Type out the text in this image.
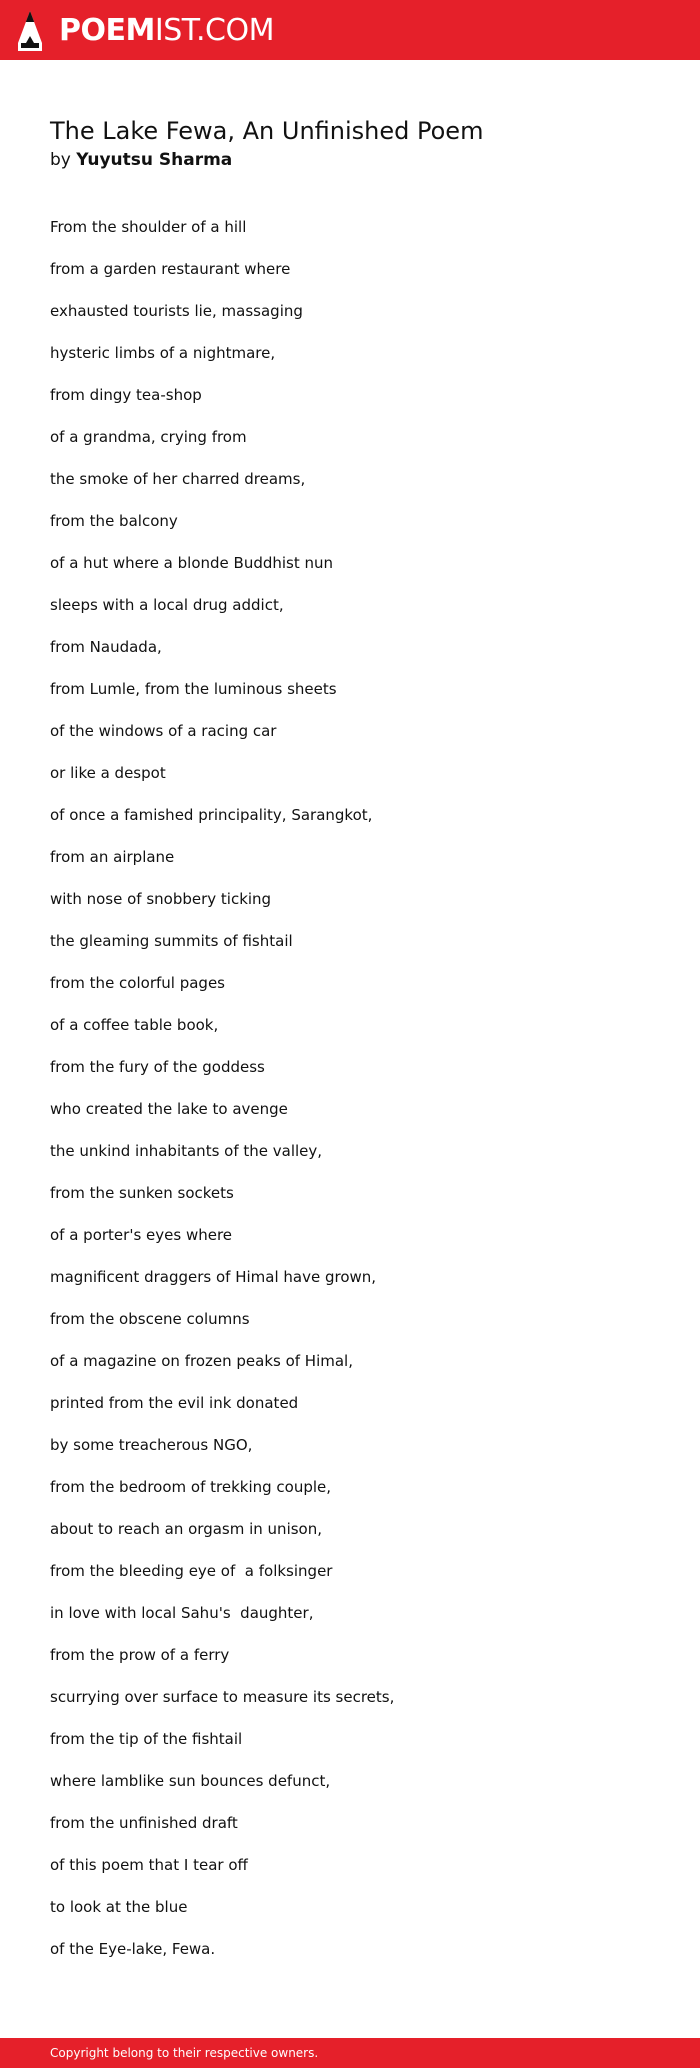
POEMIST.COM
The Lake Fewa, An Unfinished Poem

by Yuyutsu Sharma

From the shoulder of a hill
from a garden restaurant where
exhausted tourists lie, massaging
hysteric limbs of a nightmare,
from dingy tea-shop
of a grandma, crying from
the smoke of her charred dreams,
from the balcony
of a hut where a blonde Buddhist nun
sleeps with a local drug addict,
from Naudada,
from Lumle, from the luminous sheets
of the windows of a racing car
or like a despot
of once a famished principality, Sarangkot,
from an airplane
with nose of snobbery ticking
the gleaming summits of fishtail
from the colorful pages
of a coffee table book,
from the fury of the goddess
who created the lake to avenge
the unkind inhabitants of the valley,
from the sunken sockets
of a porter's eyes where
magnificent draggers of Himal have grown,
from the obscene columns
of a magazine on frozen peaks of Himal,
printed from the evil ink donated
by some treacherous NGO,
from the bedroom of trekking couple,
about to reach an orgasm in unison,
from the bleeding eye of  a folksinger
in love with local Sahu's  daughter,
from the prow of a ferry
scurrying over surface to measure its secrets,
from the tip of the fishtail
where lamblike sun bounces defunct,
from the unfinished draft
of this poem that I tear off
to look at the blue
of the Eye-lake, Fewa.
Copyright belong to their respective owners.
